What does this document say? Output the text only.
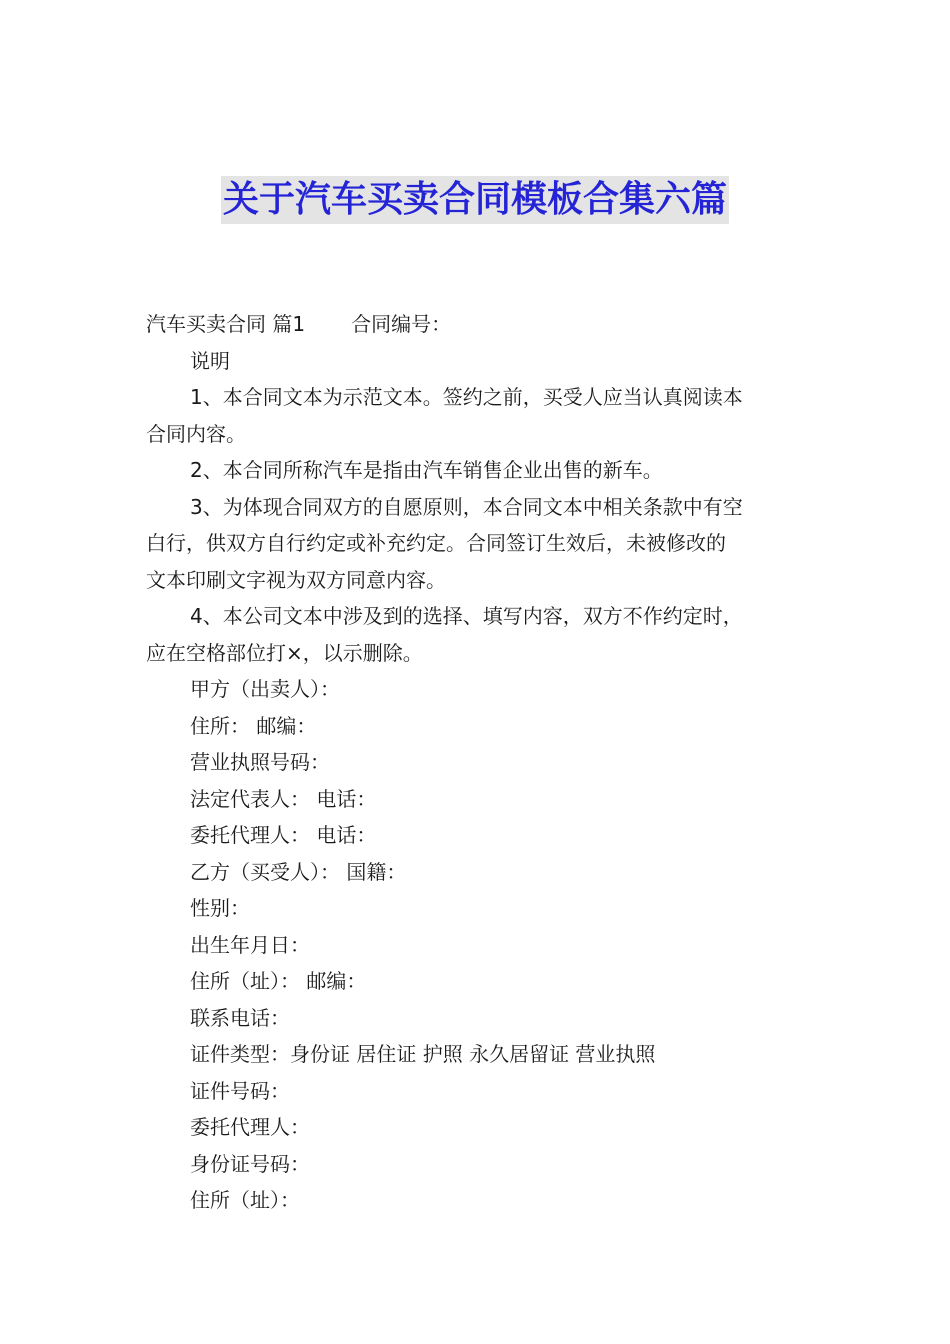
关于汽车买卖合同模板合集六篇

汽车买卖合同 篇1 合同编号：

说明

1、本合同文本为示范文本。签约之前，买受人应当认真阅读本

合同内容。

2、本合同所称汽车是指由汽车销售企业出售的新车。

3、为体现合同双方的自愿原则，本合同文本中相关条款中有空

白行，供双方自行约定或补充约定。合同签订生效后，未被修改的

文本印刷文字视为双方同意内容。

4、本公司文本中涉及到的选择、填写内容，双方不作约定时，

应在空格部位打×，以示删除。

甲方（出卖人）：

住所： 邮编：

营业执照号码：

法定代表人： 电话：

委托代理人： 电话：

乙方（买受人）： 国籍：

性别：

出生年月日：

住所（址）： 邮编：

联系电话：

证件类型：身份证 居住证 护照 永久居留证 营业执照

证件号码：

委托代理人：

身份证号码：

住所（址）：
